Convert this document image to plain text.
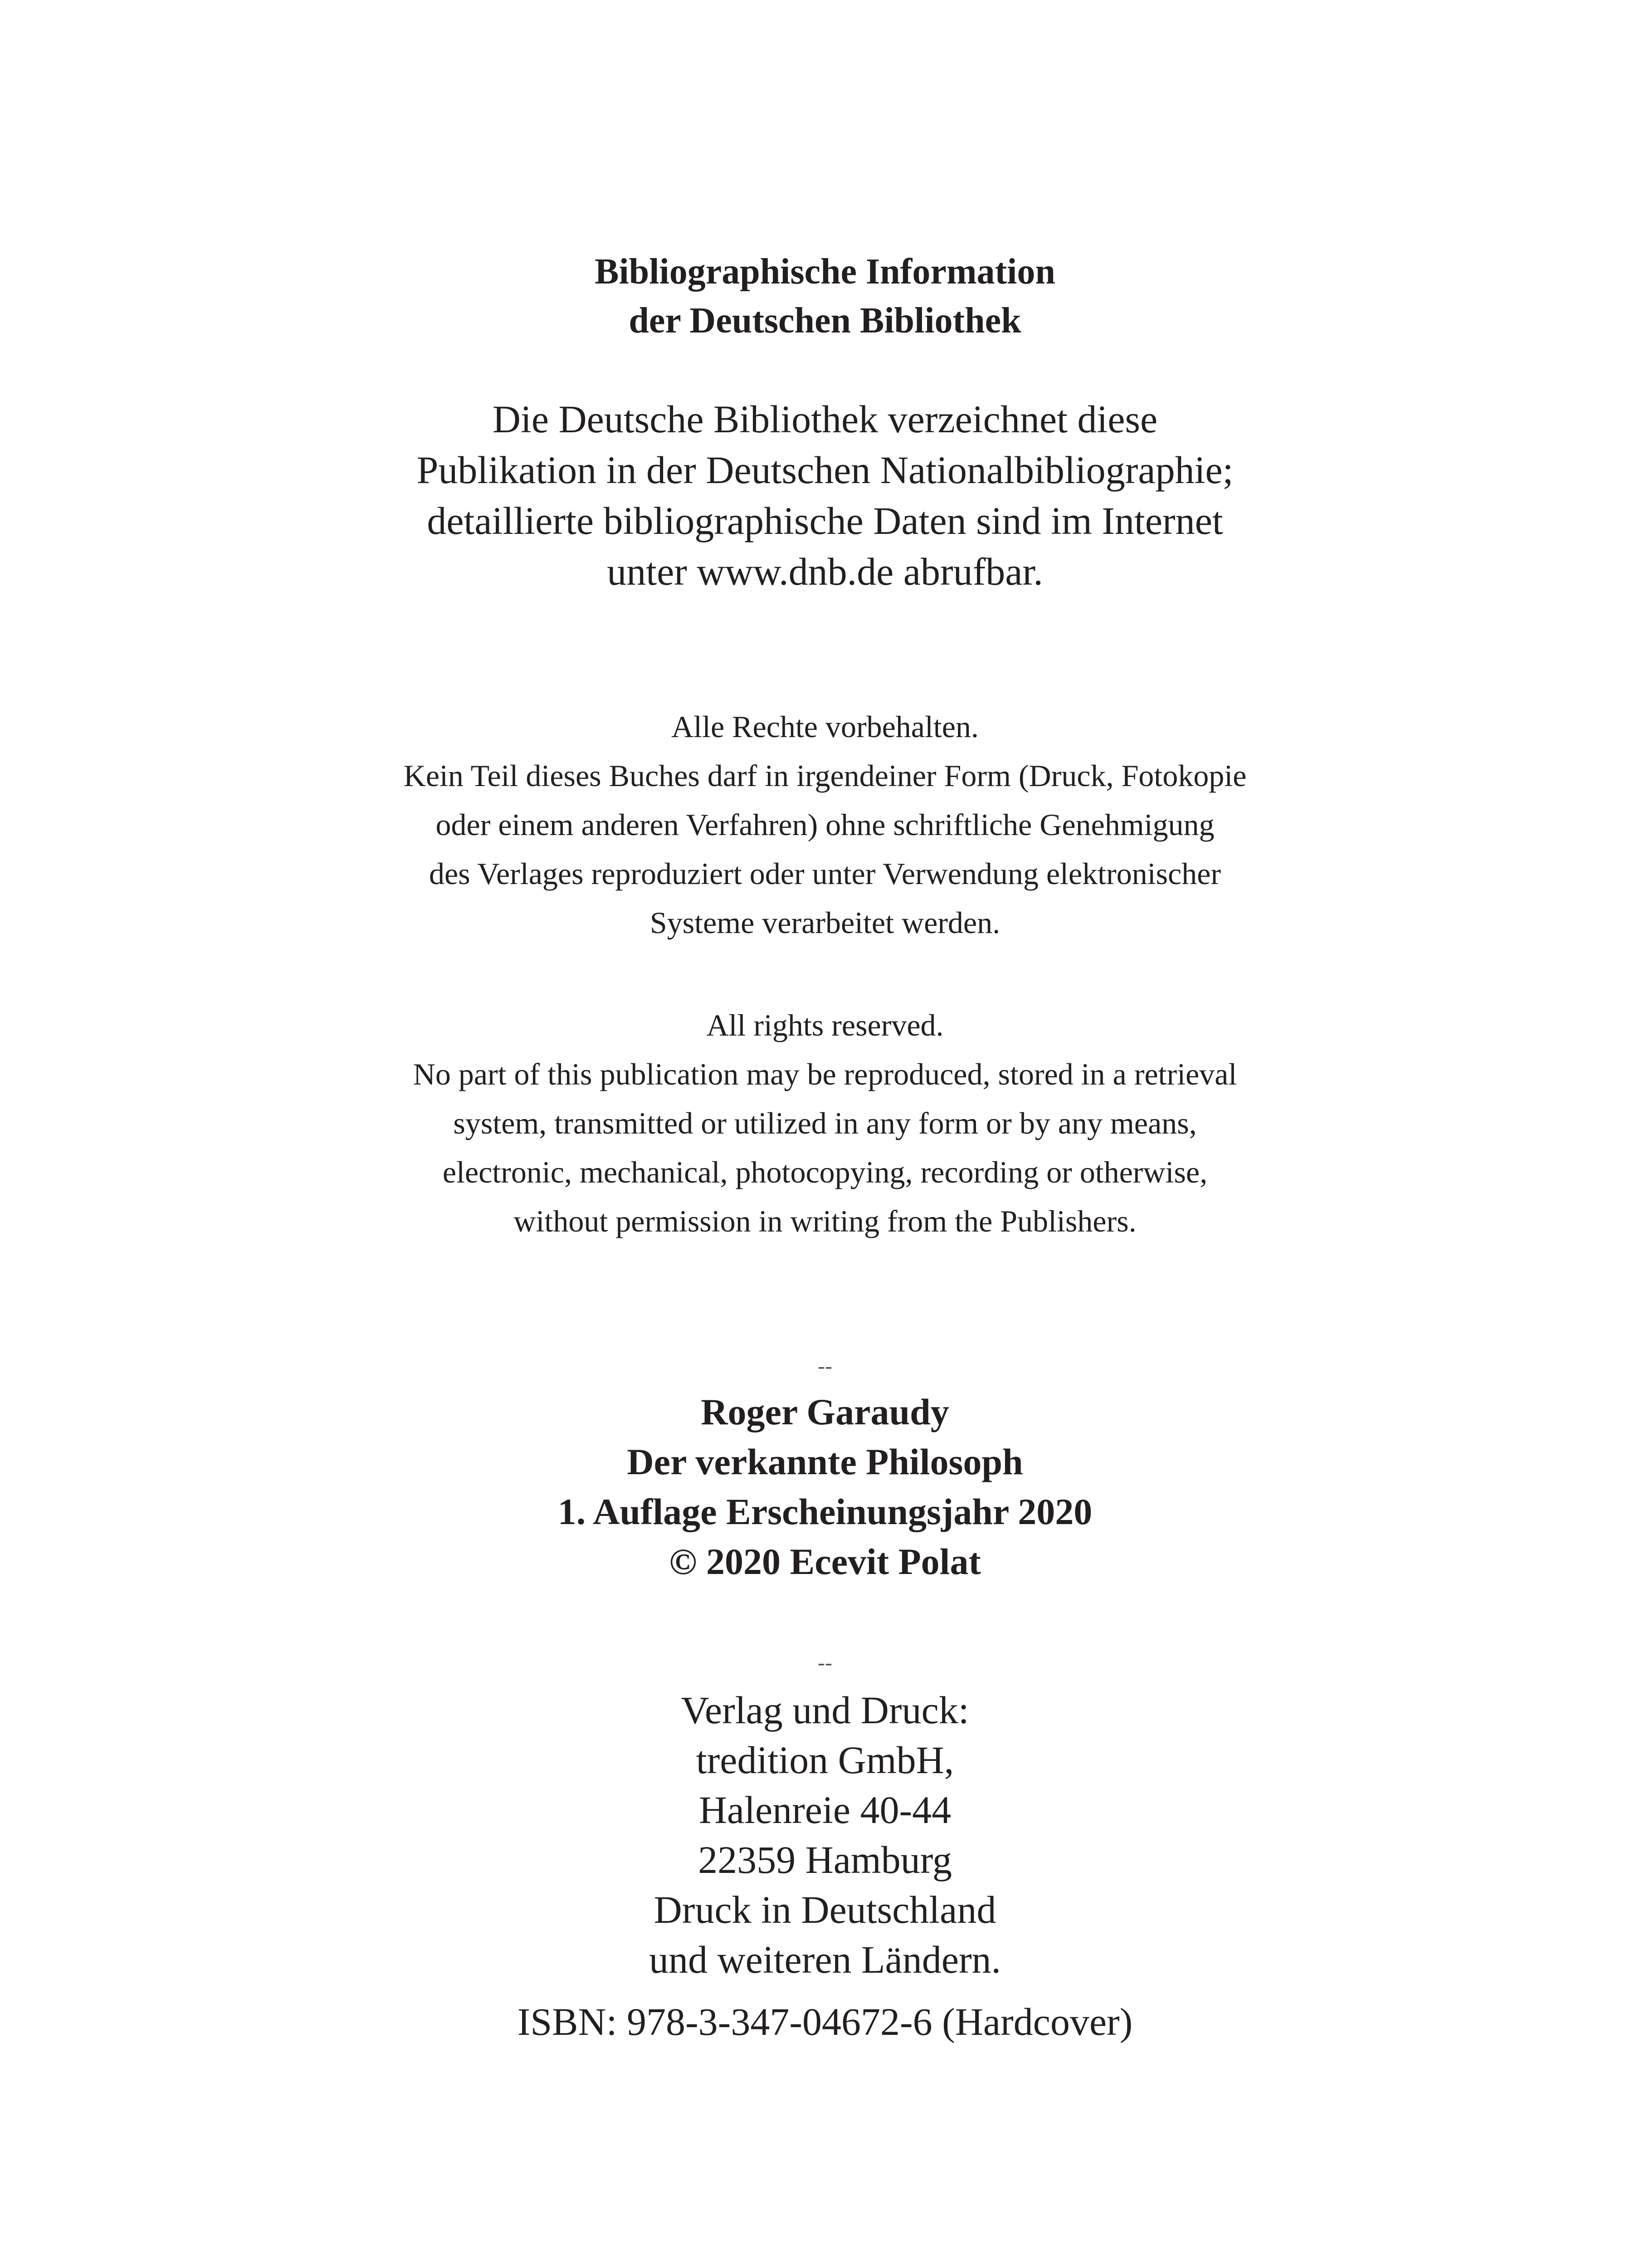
Bibliographische Information
der Deutschen Bibliothek
Die Deutsche Bibliothek verzeichnet diese
Publikation in der Deutschen Nationalbibliographie;
detaillierte bibliographische Daten sind im Internet
unter www.dnb.de abrufbar.
Alle Rechte vorbehalten.
Kein Teil dieses Buches darf in irgendeiner Form (Druck, Fotokopie
oder einem anderen Verfahren) ohne schriftliche Genehmigung
des Verlages reproduziert oder unter Verwendung elektronischer
Systeme verarbeitet werden.
All rights reserved.
No part of this publication may be reproduced, stored in a retrieval
system, transmitted or utilized in any form or by any means,
electronic, mechanical, photocopying, recording or otherwise,
without permission in writing from the Publishers.
--
Roger Garaudy
Der verkannte Philosoph
1. Auflage Erscheinungsjahr 2020
© 2020 Ecevit Polat
--
Verlag und Druck:
tredition GmbH,
Halenreie 40-44
22359 Hamburg
Druck in Deutschland
und weiteren Ländern.
ISBN: 978-3-347-04672-6 (Hardcover)
